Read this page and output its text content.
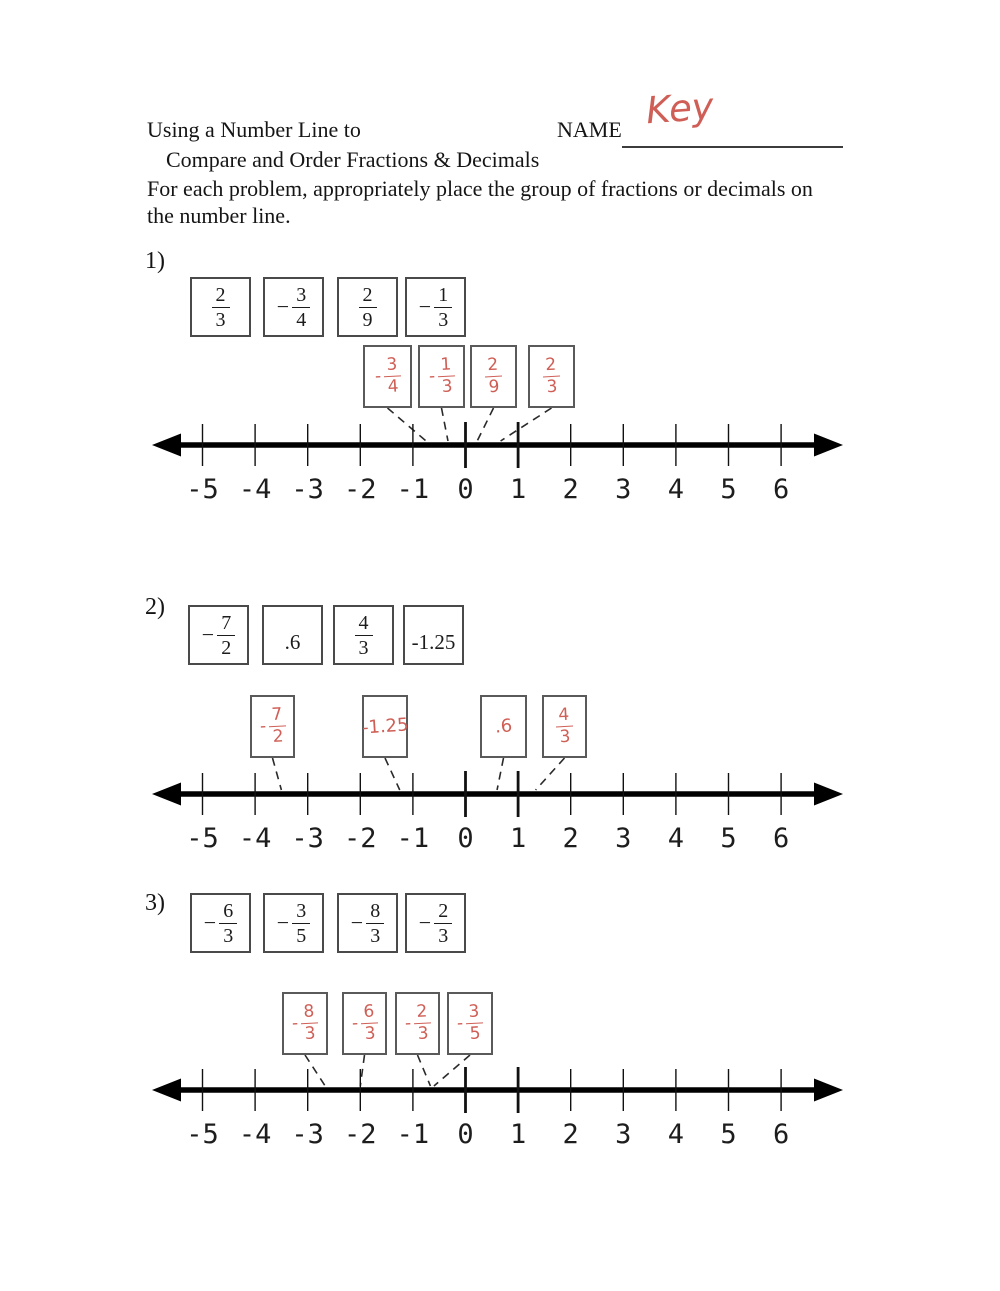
Using a Number Line to	NAME Key
Compare and Order Fractions & Decimals
For each problem, appropriately place the group of fractions or decimals on
the number line.
1)
$\frac{2}{3} - \frac{3}{4} \frac{2}{9} - \frac{1}{3}$
- $\frac{3}{4} - \frac{1}{3} \frac{2}{9} \frac{2}{3}$
-5 -4 -3 -2 -1	0	1	2	3	4	5	6
2)
− $\frac{7}{2} .6$	$\frac{4}{3} -1.25$
- $\frac{7}{2}$	-1.25	$.6 \frac{4}{3}$
-5 -4 -3 -2 -1	0	1	2	3	4	5	6
3)
− $\frac{6}{3} - \frac{3}{5} - \frac{8}{3} - \frac{2}{3}$
- $\frac{8}{3} - \frac{6}{3} - \frac{2}{3} - \frac{3}{5}$
-5 -4 -3 -2 -1	0	1	2	3	4	5	6
